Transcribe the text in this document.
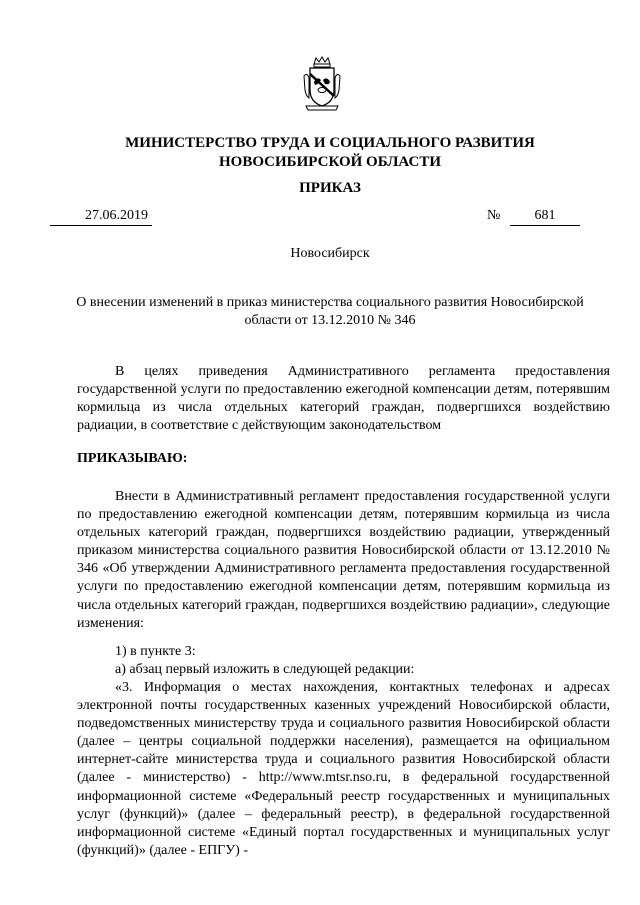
МИНИСТЕРСТВО ТРУДА И СОЦИАЛЬНОГО РАЗВИТИЯ
НОВОСИБИРСКОЙ ОБЛАСТИ
ПРИКАЗ
27.06.2019	№	681
Новосибирск
О внесении изменений в приказ министерства социального развития Новосибирской области от 13.12.2010 № 346
В целях приведения Административного регламента предоставления государственной услуги по предоставлению ежегодной компенсации детям, потерявшим кормильца из числа отдельных категорий граждан, подвергшихся воздействию радиации, в соответствие с действующим законодательством
ПРИКАЗЫВАЮ:
Внести в Административный регламент предоставления государственной услуги по предоставлению ежегодной компенсации детям, потерявшим кормильца из числа отдельных категорий граждан, подвергшихся воздействию радиации, утвержденный приказом министерства социального развития Новосибирской области от 13.12.2010 № 346 «Об утверждении Административного регламента предоставления государственной услуги по предоставлению ежегодной компенсации детям, потерявшим кормильца из числа отдельных категорий граждан, подвергшихся воздействию радиации», следующие изменения:
1) в пункте 3:
а) абзац первый изложить в следующей редакции:
«3. Информация о местах нахождения, контактных телефонах и адресах электронной почты государственных казенных учреждений Новосибирской области, подведомственных министерству труда и социального развития Новосибирской области (далее – центры социальной поддержки населения), размещается на официальном интернет-сайте министерства труда и социального развития Новосибирской области (далее - министерство) - http://www.mtsr.nso.ru, в федеральной государственной информационной системе «Федеральный реестр государственных и муниципальных услуг (функций)» (далее – федеральный реестр), в федеральной государственной информационной системе «Единый портал государственных и муниципальных услуг (функций)» (далее - ЕПГУ) -
